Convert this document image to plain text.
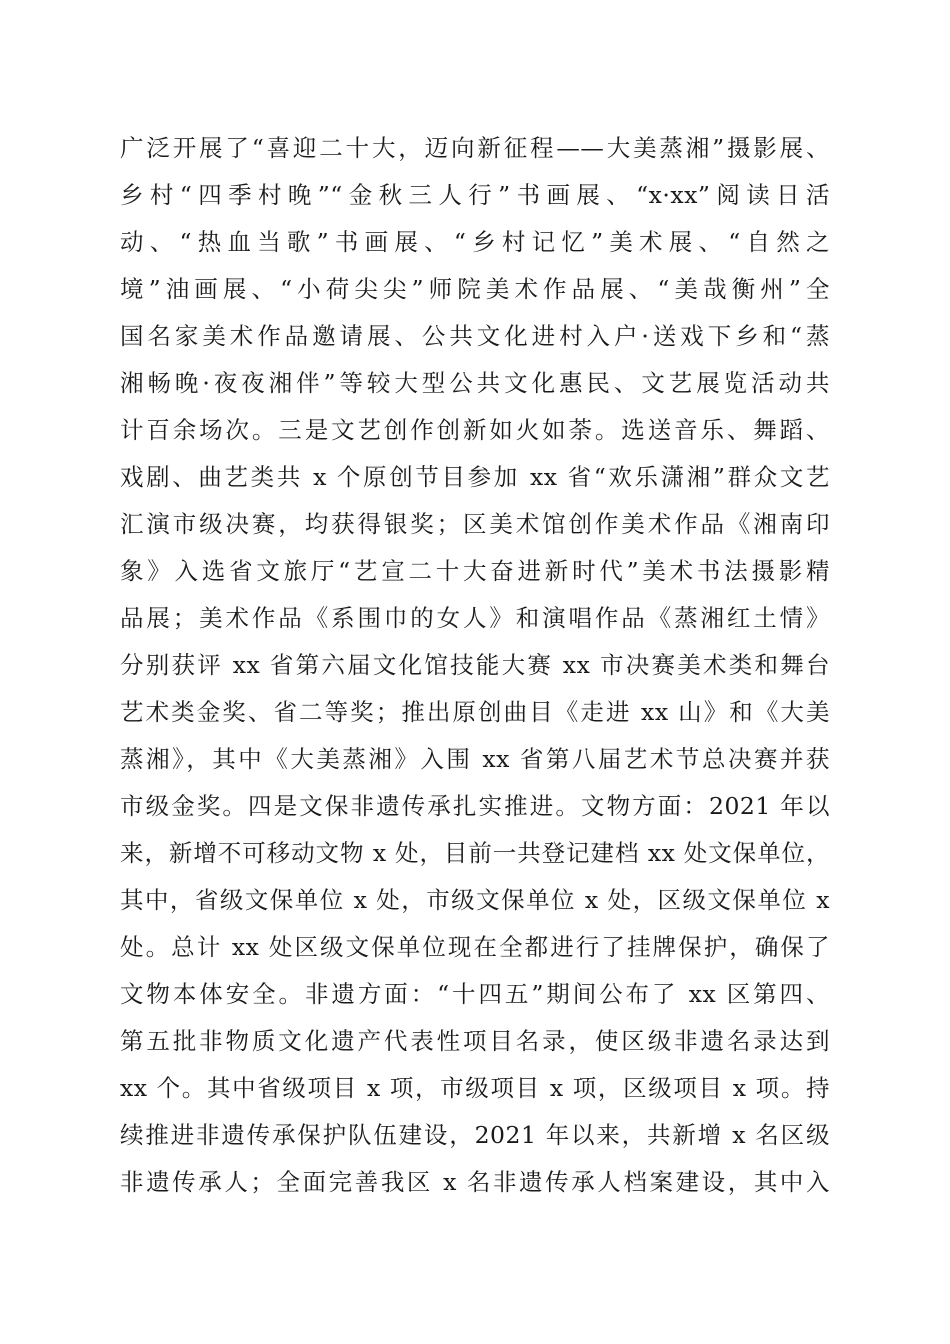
广泛开展了“喜迎二十大，迈向新征程——大美蒸湘”摄影展、
乡村“四季村晚”“金秋三人行”书画展、“x·xx”阅读日活
动、“热血当歌”书画展、“乡村记忆”美术展、“自然之
境”油画展、“小荷尖尖”师院美术作品展、“美哉衡州”全
国名家美术作品邀请展、公共文化进村入户·送戏下乡和“蒸
湘畅晚·夜夜湘伴”等较大型公共文化惠民、文艺展览活动共
计百余场次。三是文艺创作创新如火如荼。选送音乐、舞蹈、
戏剧、曲艺类共 x 个原创节目参加 xx 省“欢乐潇湘”群众文艺
汇演市级决赛，均获得银奖；区美术馆创作美术作品《湘南印
象》入选省文旅厅“艺宣二十大奋进新时代”美术书法摄影精
品展；美术作品《系围巾的女人》和演唱作品《蒸湘红土情》
分别获评 xx 省第六届文化馆技能大赛 xx 市决赛美术类和舞台
艺术类金奖、省二等奖；推出原创曲目《走进 xx 山》和《大美
蒸湘》，其中《大美蒸湘》入围 xx 省第八届艺术节总决赛并获
市级金奖。四是文保非遗传承扎实推进。文物方面：2021 年以
来，新增不可移动文物 x 处，目前一共登记建档 xx 处文保单位，
其中，省级文保单位 x 处，市级文保单位 x 处，区级文保单位 x
处。总计 xx 处区级文保单位现在全都进行了挂牌保护，确保了
文物本体安全。非遗方面：“十四五”期间公布了 xx 区第四、
第五批非物质文化遗产代表性项目名录，使区级非遗名录达到
xx 个。其中省级项目 x 项，市级项目 x 项，区级项目 x 项。持
续推进非遗传承保护队伍建设，2021 年以来，共新增 x 名区级
非遗传承人；全面完善我区 x 名非遗传承人档案建设，其中入
